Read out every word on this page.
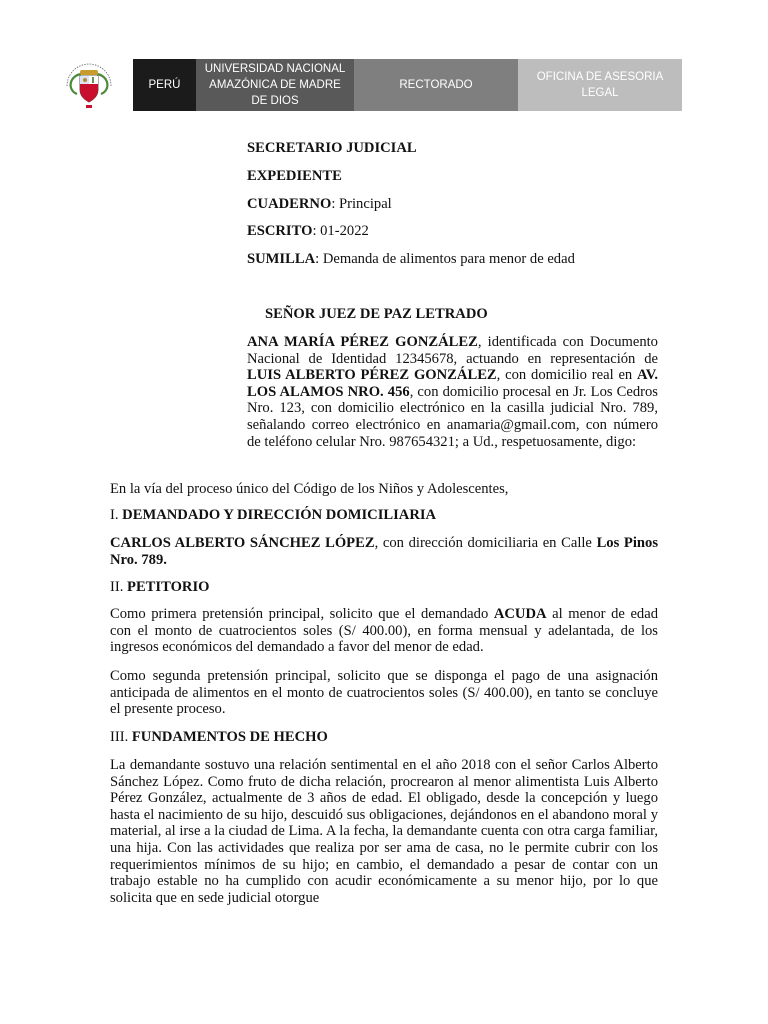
PERÚ
UNIVERSIDAD NACIONAL AMAZÓNICA DE MADRE DE DIOS
RECTORADO
OFICINA DE ASESORIA LEGAL
SECRETARIO JUDICIAL
EXPEDIENTE
CUADERNO: Principal
ESCRITO: 01-2022
SUMILLA: Demanda de alimentos para menor de edad
SEÑOR JUEZ DE PAZ LETRADO
ANA MARÍA PÉREZ GONZÁLEZ, identificada con Documento Nacional de Identidad 12345678, actuando en representación de LUIS ALBERTO PÉREZ GONZÁLEZ, con domicilio real en AV. LOS ALAMOS NRO. 456, con domicilio procesal en Jr. Los Cedros Nro. 123, con domicilio electrónico en la casilla judicial Nro. 789, señalando correo electrónico en anamaria@gmail.com, con número de teléfono celular Nro. 987654321; a Ud., respetuosamente, digo:
En la vía del proceso único del Código de los Niños y Adolescentes,
I. DEMANDADO Y DIRECCIÓN DOMICILIARIA
CARLOS ALBERTO SÁNCHEZ LÓPEZ, con dirección domiciliaria en Calle Los Pinos Nro. 789.
II. PETITORIO
Como primera pretensión principal, solicito que el demandado ACUDA al menor de edad con el monto de cuatrocientos soles (S/ 400.00), en forma mensual y adelantada, de los ingresos económicos del demandado a favor del menor de edad.
Como segunda pretensión principal, solicito que se disponga el pago de una asignación anticipada de alimentos en el monto de cuatrocientos soles (S/ 400.00), en tanto se concluye el presente proceso.
III. FUNDAMENTOS DE HECHO
La demandante sostuvo una relación sentimental en el año 2018 con el señor Carlos Alberto Sánchez López. Como fruto de dicha relación, procrearon al menor alimentista Luis Alberto Pérez González, actualmente de 3 años de edad. El obligado, desde la concepción y luego hasta el nacimiento de su hijo, descuidó sus obligaciones, dejándonos en el abandono moral y material, al irse a la ciudad de Lima. A la fecha, la demandante cuenta con otra carga familiar, una hija. Con las actividades que realiza por ser ama de casa, no le permite cubrir con los requerimientos mínimos de su hijo; en cambio, el demandado a pesar de contar con un trabajo estable no ha cumplido con acudir económicamente a su menor hijo, por lo que solicita que en sede judicial otorgue
